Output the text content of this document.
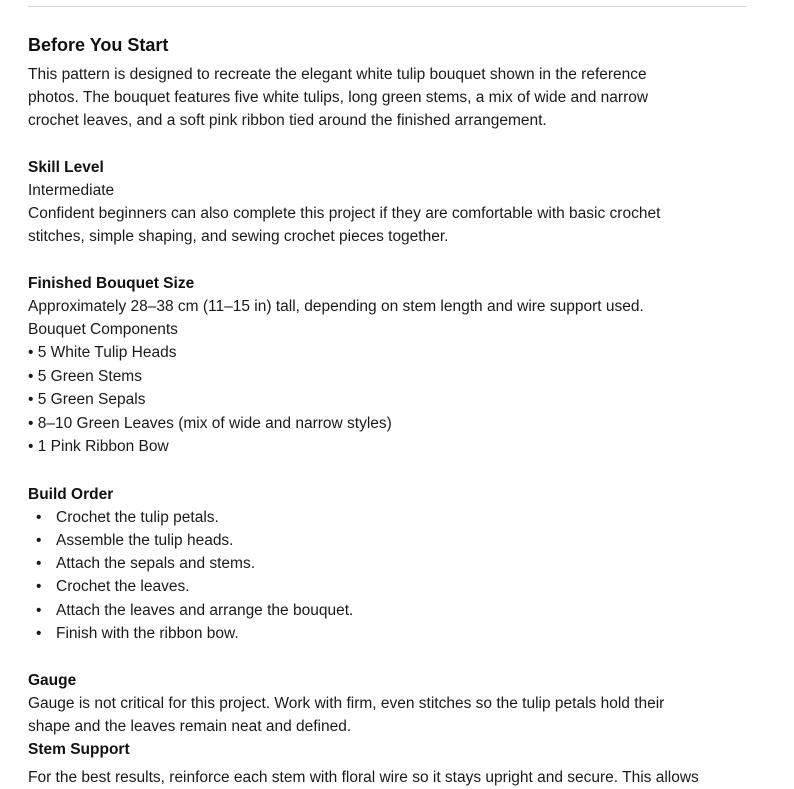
Before You Start

This pattern is designed to recreate the elegant white tulip bouquet shown in the reference

photos. The bouquet features five white tulips, long green stems, a mix of wide and narrow

crochet leaves, and a soft pink ribbon tied around the finished arrangement.

Skill Level

Intermediate

Confident beginners can also complete this project if they are comfortable with basic crochet

stitches, simple shaping, and sewing crochet pieces together.

Finished Bouquet Size

Approximately 28–38 cm (11–15 in) tall, depending on stem length and wire support used.

Bouquet Components

• 5 White Tulip Heads
• 5 Green Stems
• 5 Green Sepals
• 8–10 Green Leaves (mix of wide and narrow styles)
• 1 Pink Ribbon Bow
Build Order
• Crochet the tulip petals.
• Assemble the tulip heads.
• Attach the sepals and stems.
• Crochet the leaves.
• Attach the leaves and arrange the bouquet.
• Finish with the ribbon bow.
Gauge

Gauge is not critical for this project. Work with firm, even stitches so the tulip petals hold their

shape and the leaves remain neat and defined.

Stem Support
For the best results, reinforce each stem with floral wire so it stays upright and secure. This allows
